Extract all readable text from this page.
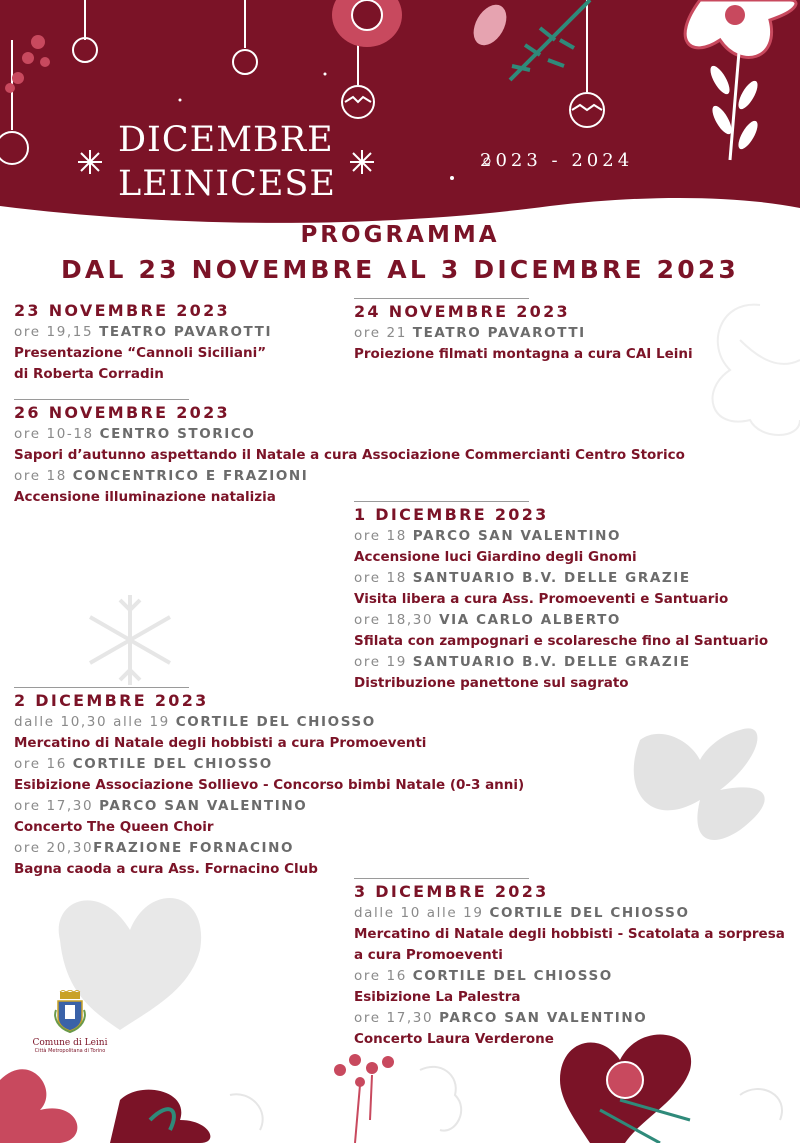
DICEMBRE
LEINICESE
2023 - 2024
PROGRAMMA
DAL 23 NOVEMBRE AL 3 DICEMBRE 2023
23 NOVEMBRE 2023
ore 19,15 TEATRO PAVAROTTI
Presentazione “Cannoli Siciliani”
di Roberta Corradin
24 NOVEMBRE 2023
ore 21 TEATRO PAVAROTTI
Proiezione filmati montagna a cura CAI Leini
26 NOVEMBRE 2023
ore 10-18 CENTRO STORICO
Sapori d’autunno aspettando il Natale a cura Associazione Commercianti Centro Storico
ore 18 CONCENTRICO E FRAZIONI
Accensione illuminazione natalizia
1 DICEMBRE 2023
ore 18 PARCO SAN VALENTINO
Accensione luci Giardino degli Gnomi
ore 18 SANTUARIO B.V. DELLE GRAZIE
Visita libera a cura Ass. Promoeventi e Santuario
ore 18,30 VIA CARLO ALBERTO
Sfilata con zampognari e scolaresche fino al Santuario
ore 19 SANTUARIO B.V. DELLE GRAZIE
Distribuzione panettone sul sagrato
2 DICEMBRE 2023
dalle 10,30 alle 19 CORTILE DEL CHIOSSO
Mercatino di Natale degli hobbisti a cura Promoeventi
ore 16 CORTILE DEL CHIOSSO
Esibizione Associazione Sollievo - Concorso bimbi Natale (0-3 anni)
ore 17,30 PARCO SAN VALENTINO
Concerto The Queen Choir
ore 20,30FRAZIONE FORNACINO
Bagna caoda a cura Ass. Fornacino Club
3 DICEMBRE 2023
dalle 10 alle 19 CORTILE DEL CHIOSSO
Mercatino di Natale degli hobbisti - Scatolata a sorpresa
a cura Promoeventi
ore 16 CORTILE DEL CHIOSSO
Esibizione La Palestra
ore 17,30 PARCO SAN VALENTINO
Concerto Laura Verderone
Comune di Leini
Città Metropolitana di Torino
